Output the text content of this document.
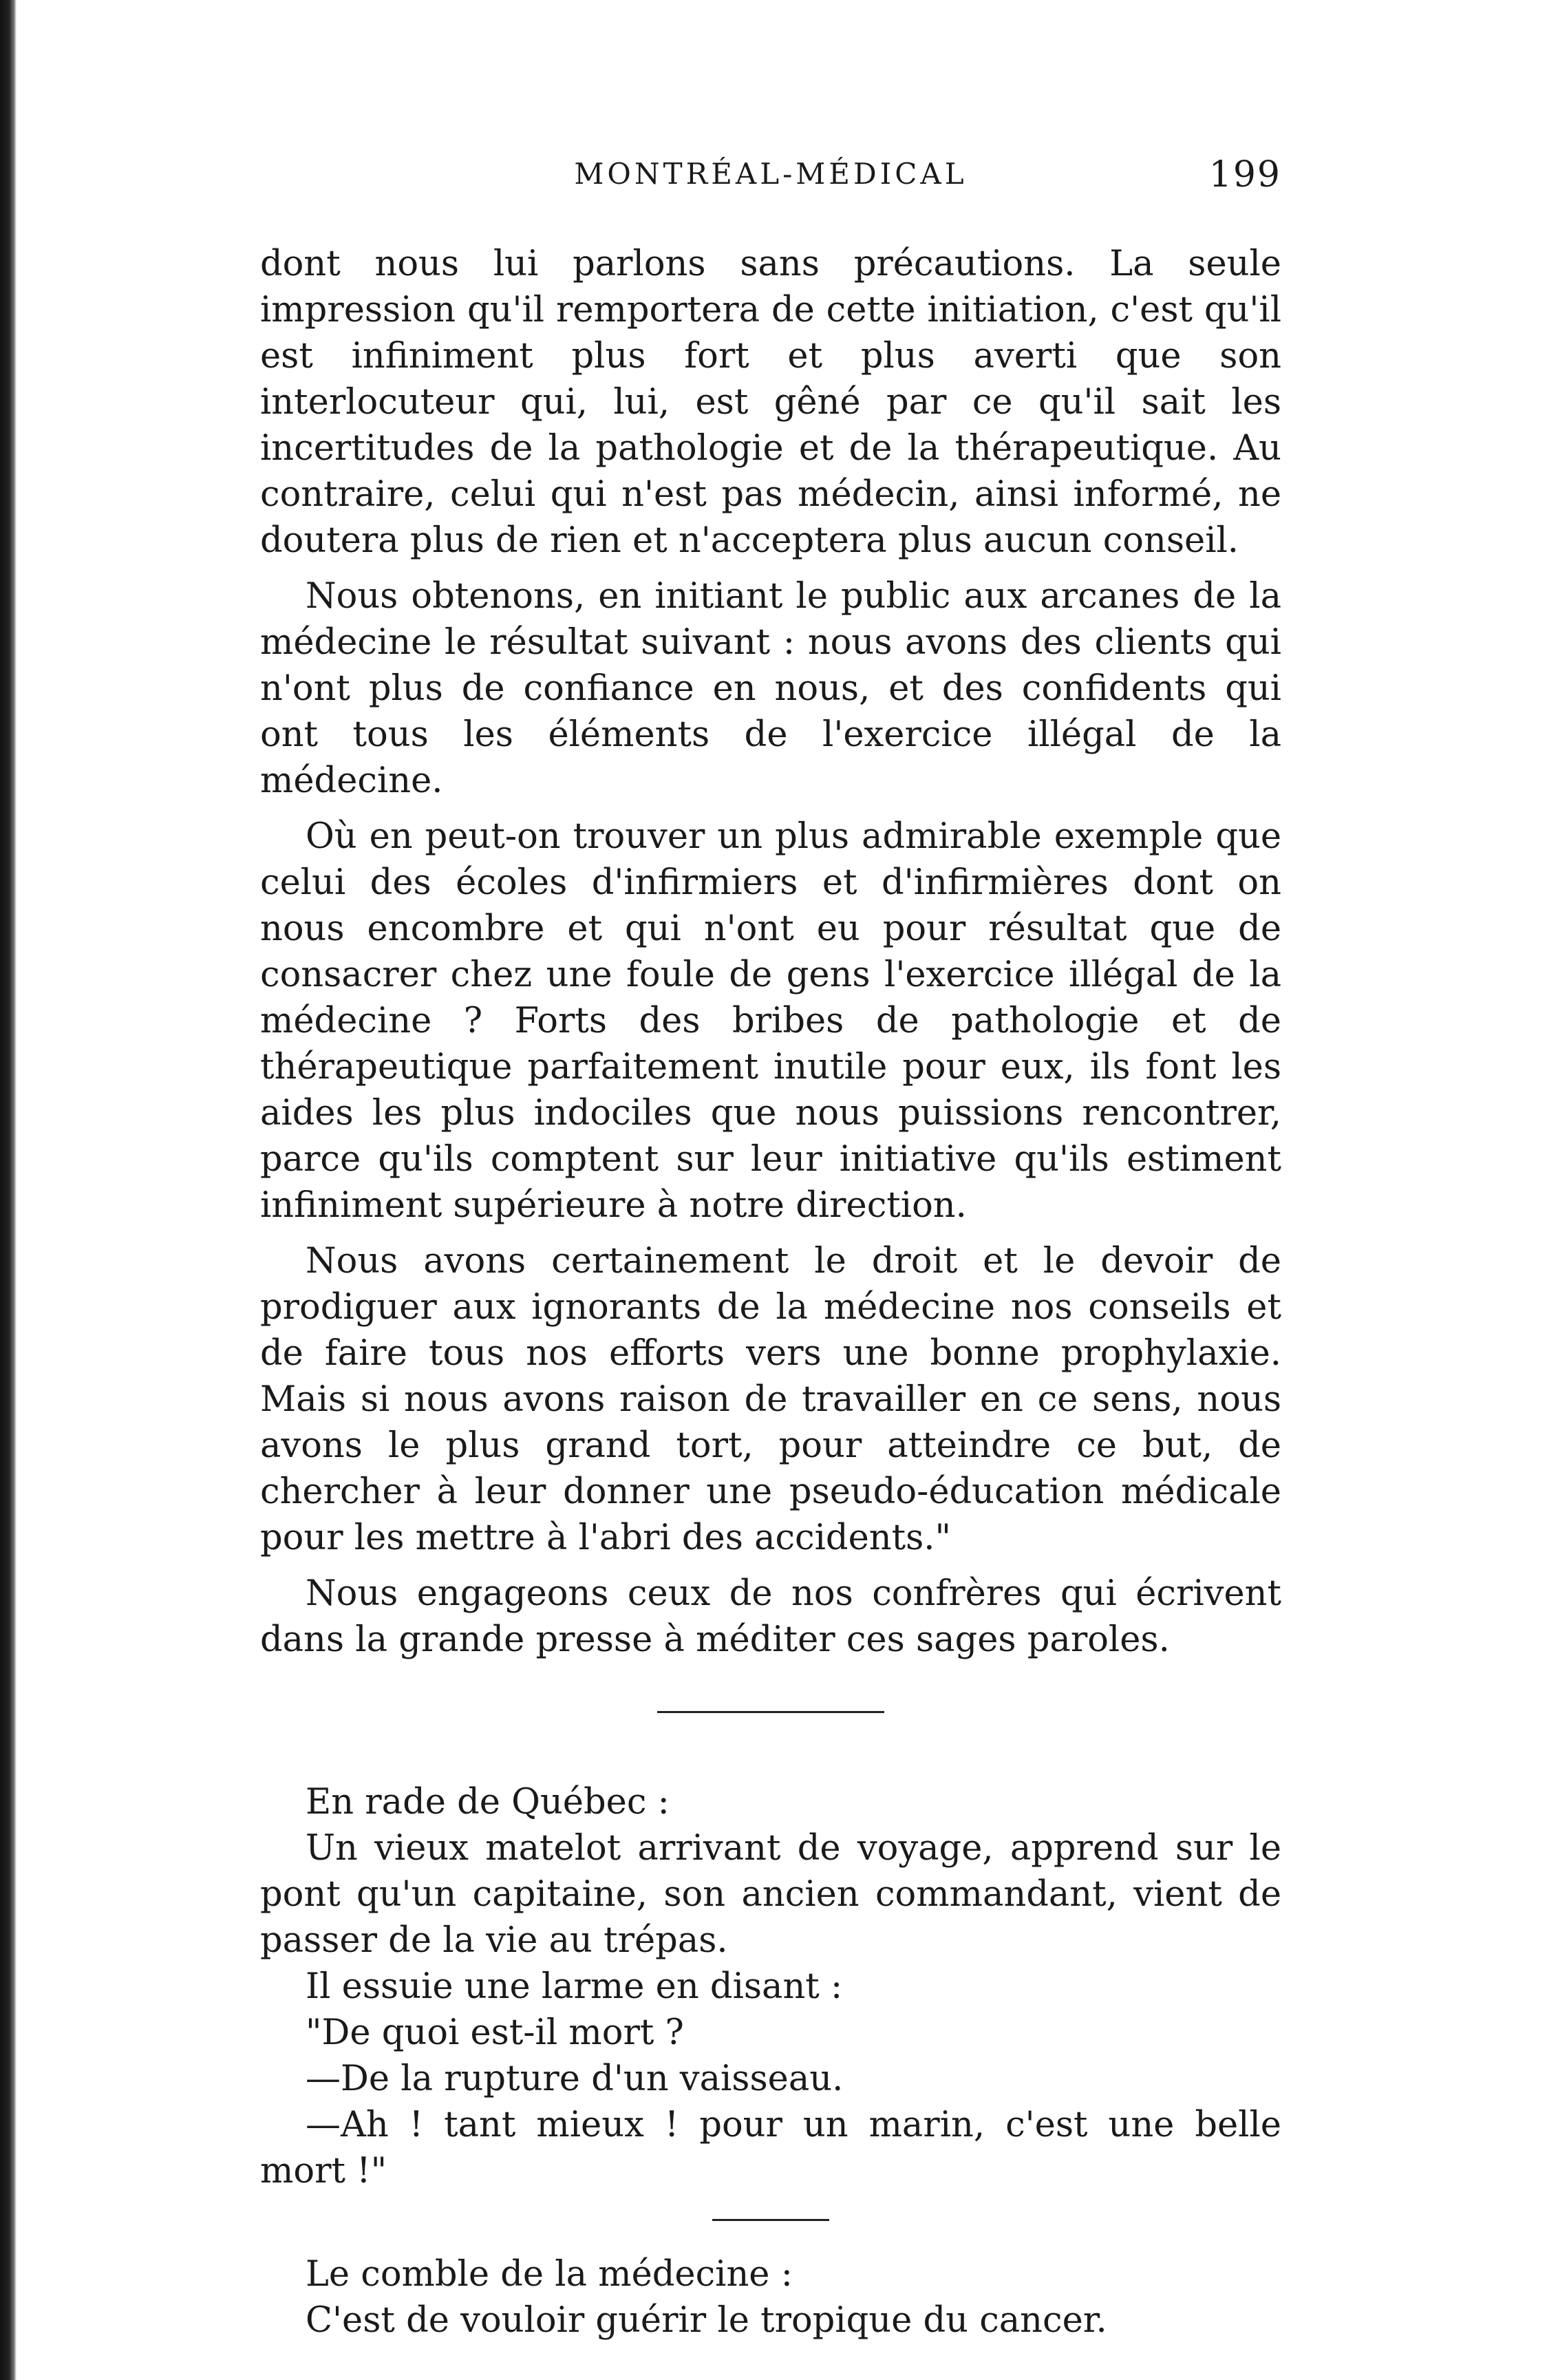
MONTRÉAL-MÉDICAL	199

dont nous lui parlons sans précautions. La seule impression qu'il remportera de cette initiation, c'est qu'il est infiniment plus fort et plus averti que son interlocuteur qui, lui, est gêné par ce qu'il sait les incertitudes de la pathologie et de la thérapeutique. Au contraire, celui qui n'est pas médecin, ainsi informé, ne doutera plus de rien et n'acceptera plus aucun conseil.

Nous obtenons, en initiant le public aux arcanes de la médecine le résultat suivant : nous avons des clients qui n'ont plus de confiance en nous, et des confidents qui ont tous les éléments de l'exercice illégal de la médecine.

Où en peut-on trouver un plus admirable exemple que celui des écoles d'infirmiers et d'infirmières dont on nous encombre et qui n'ont eu pour résultat que de consacrer chez une foule de gens l'exercice illégal de la médecine ? Forts des bribes de pathologie et de thérapeutique parfaitement inutile pour eux, ils font les aides les plus indociles que nous puissions rencontrer, parce qu'ils comptent sur leur initiative qu'ils estiment infiniment supérieure à notre direction.

Nous avons certainement le droit et le devoir de prodiguer aux ignorants de la médecine nos conseils et de faire tous nos efforts vers une bonne prophylaxie. Mais si nous avons raison de travailler en ce sens, nous avons le plus grand tort, pour atteindre ce but, de chercher à leur donner une pseudo-éducation médicale pour les mettre à l'abri des accidents."

Nous engageons ceux de nos confrères qui écrivent dans la grande presse à méditer ces sages paroles.

En rade de Québec :

Un vieux matelot arrivant de voyage, apprend sur le pont qu'un capitaine, son ancien commandant, vient de passer de la vie au trépas.

Il essuie une larme en disant :

"De quoi est-il mort ?

—De la rupture d'un vaisseau.

—Ah ! tant mieux ! pour un marin, c'est une belle mort !"

Le comble de la médecine :

C'est de vouloir guérir le tropique du cancer.
